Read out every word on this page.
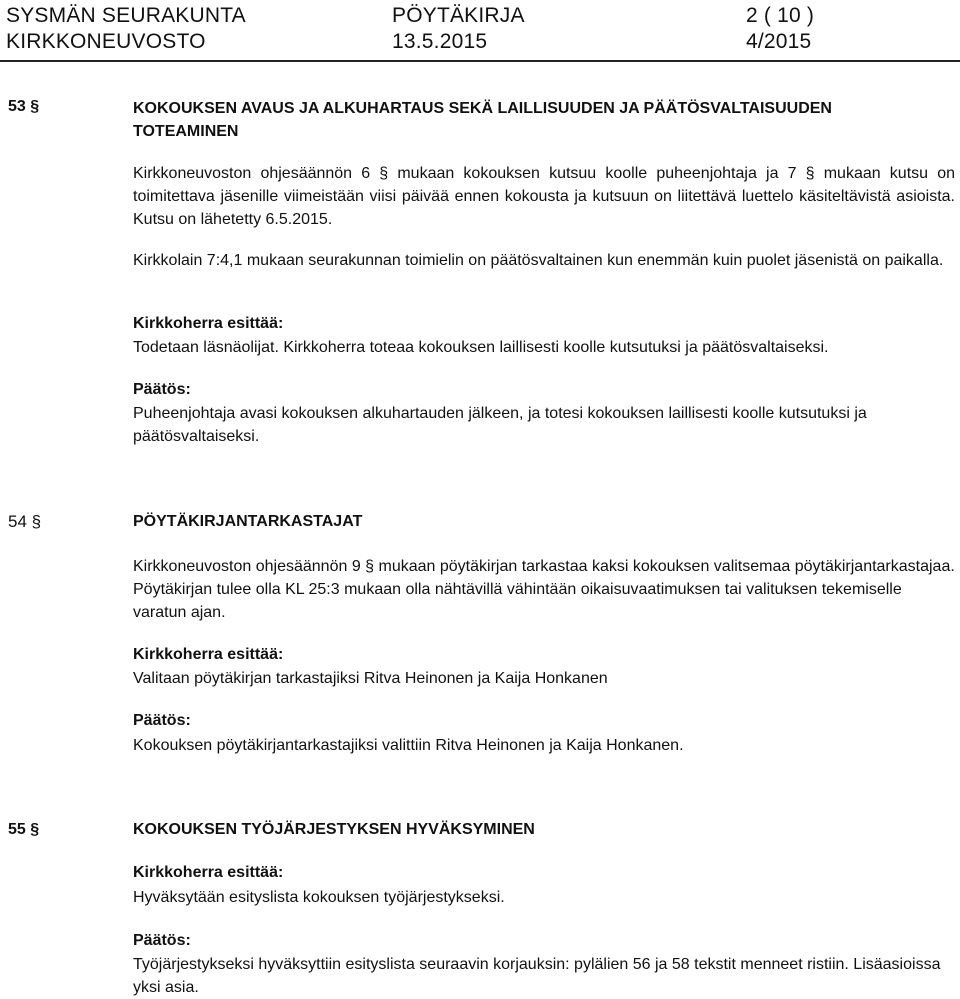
SYSMÄN SEURAKUNTA	PÖYTÄKIRJA	2 ( 10 )
KIRKKONEUVOSTO	13.5.2015	4/2015
53 §	KOKOUKSEN AVAUS JA ALKUHARTAUS SEKÄ LAILLISUUDEN JA PÄÄTÖSVALTAISUUDEN TOTEAMINEN
Kirkkoneuvoston ohjesäännön 6 § mukaan kokouksen kutsuu koolle puheenjohtaja ja 7 § mukaan kutsu on toimitettava jäsenille viimeistään viisi päivää ennen kokousta ja kutsuun on liitettävä luettelo käsiteltävistä asioista. Kutsu on lähetetty 6.5.2015.
Kirkkolain 7:4,1 mukaan seurakunnan toimielin on päätösvaltainen kun enemmän kuin puolet jäsenistä on paikalla.
Kirkkoherra esittää:
Todetaan läsnäolijat. Kirkkoherra toteaa kokouksen laillisesti koolle kutsutuksi ja päätösvaltaiseksi.
Päätös:
Puheenjohtaja avasi kokouksen alkuhartauden jälkeen, ja totesi kokouksen laillisesti koolle kutsutuksi ja päätösvaltaiseksi.
54 §	PÖYTÄKIRJANTARKASTAJAT
Kirkkoneuvoston ohjesäännön 9 § mukaan pöytäkirjan tarkastaa kaksi kokouksen valitsemaa pöytäkirjantarkastajaa. Pöytäkirjan tulee olla KL 25:3 mukaan olla nähtävillä vähintään oikaisuvaatimuksen tai valituksen tekemiselle varatun ajan.
Kirkkoherra esittää:
Valitaan pöytäkirjan tarkastajiksi Ritva Heinonen ja Kaija Honkanen
Päätös:
Kokouksen pöytäkirjantarkastajiksi valittiin Ritva Heinonen ja Kaija Honkanen.
55 §	KOKOUKSEN TYÖJÄRJESTYKSEN HYVÄKSYMINEN
Kirkkoherra esittää:
Hyväksytään esityslista kokouksen työjärjestykseksi.
Päätös:
Työjärjestykseksi hyväksyttiin esityslista seuraavin korjauksin: pylälien 56 ja 58 tekstit menneet ristiin. Lisäasioissa yksi asia.
